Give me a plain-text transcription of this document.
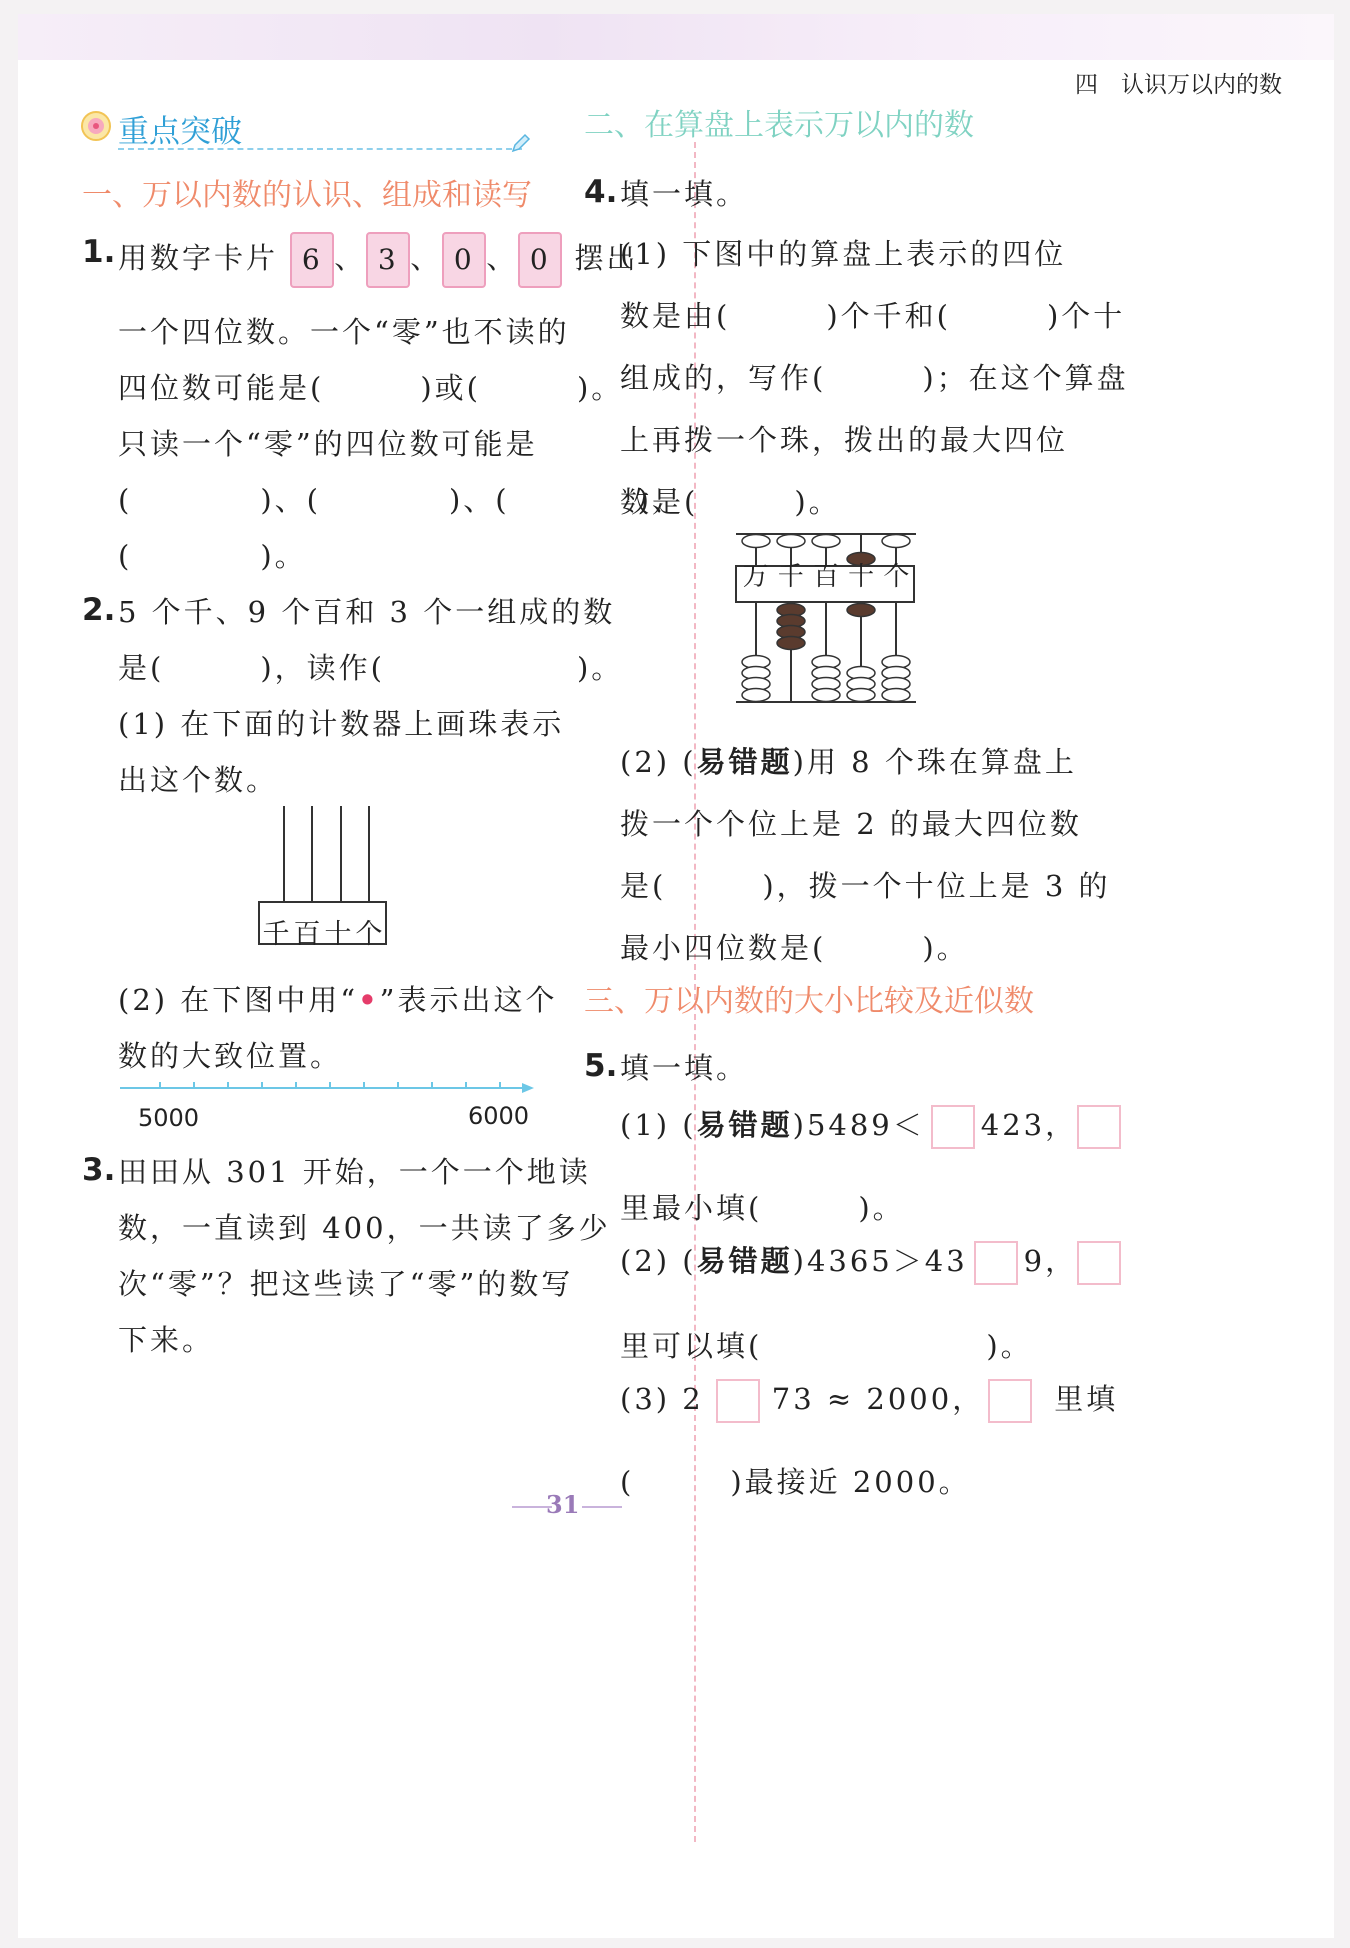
四　认识万以内的数
重点突破
一、万以内数的认识、组成和读写
1. 用数字卡片 6 、 3 、 0 、 0 摆出
一个四位数。一个“零”也不读的
四位数可能是(　　　)或(　　　)。
只读一个“零”的四位数可能是
(　　　　)、(　　　　)、(　　　　)、
(　　　　)。
2. 5 个千、9 个百和 3 个一组成的数
是(　　　)，读作(　　　　　　)。
(1) 在下面的计数器上画珠表示
出这个数。
千百十个
(2) 在下图中用“•”表示出这个
数的大致位置。
5000	6000
3. 田田从 301 开始，一个一个地读
数，一直读到 400，一共读了多少
次“零”？把这些读了“零”的数写
下来。
二、在算盘上表示万以内的数
4. 填一填。
(1) 下图中的算盘上表示的四位
数是由(　　　)个千和(　　　)个十
组成的，写作(　　　)；在这个算盘
上再拨一个珠，拨出的最大四位
数是(　　　)。
万 千 百 十 个
(2) (易错题)用 8 个珠在算盘上
拨一个个位上是 2 的最大四位数
是(　　　)，拨一个十位上是 3 的
最小四位数是(　　　)。
三、万以内数的大小比较及近似数
5. 填一填。
(1) (易错题)5489＜ 423，
里最小填(　　　)。
(2) (易错题)4365＞43 9，
里可以填(　　　　　　　)。
(3) 2 73 ≈ 2000， 里填
(　　　)最接近 2000。
31
